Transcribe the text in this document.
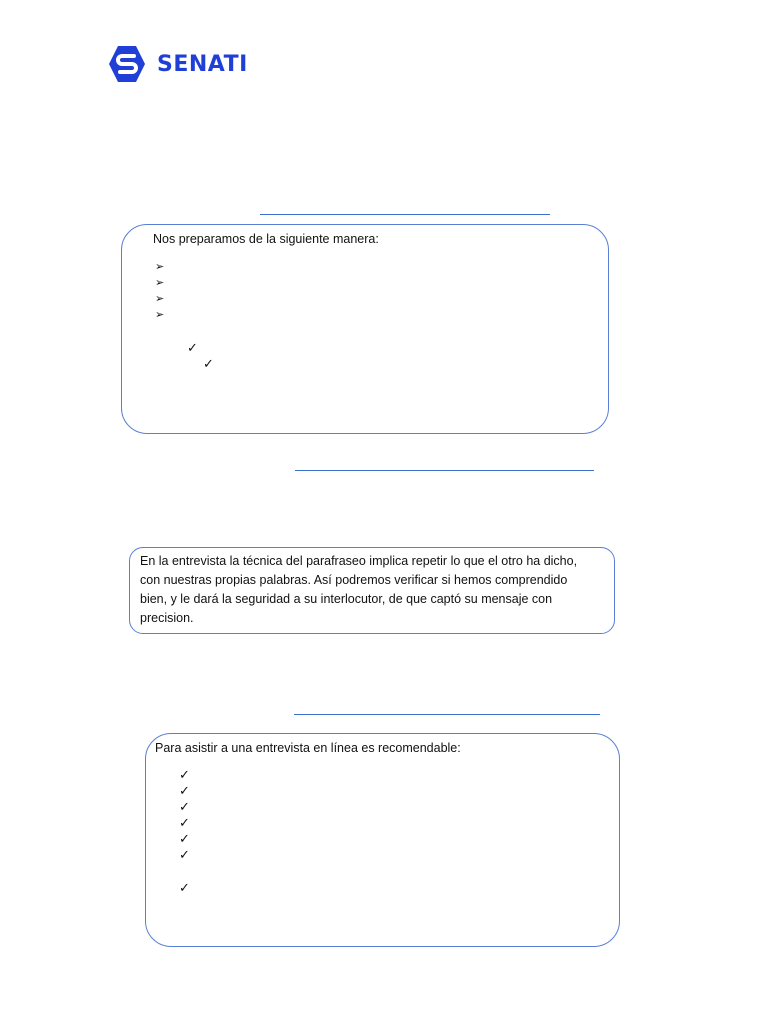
SENATI
Nos preparamos de la siguiente manera:
➢
➢
➢
➢
✓
✓
En la entrevista la técnica del parafraseo implica repetir lo que el otro ha dicho,
con nuestras propias palabras. Así podremos verificar si hemos comprendido
bien, y le dará la seguridad a su interlocutor, de que captó su mensaje con
precision.
Para asistir a una entrevista en línea es recomendable:
✓
✓
✓
✓
✓
✓
✓
